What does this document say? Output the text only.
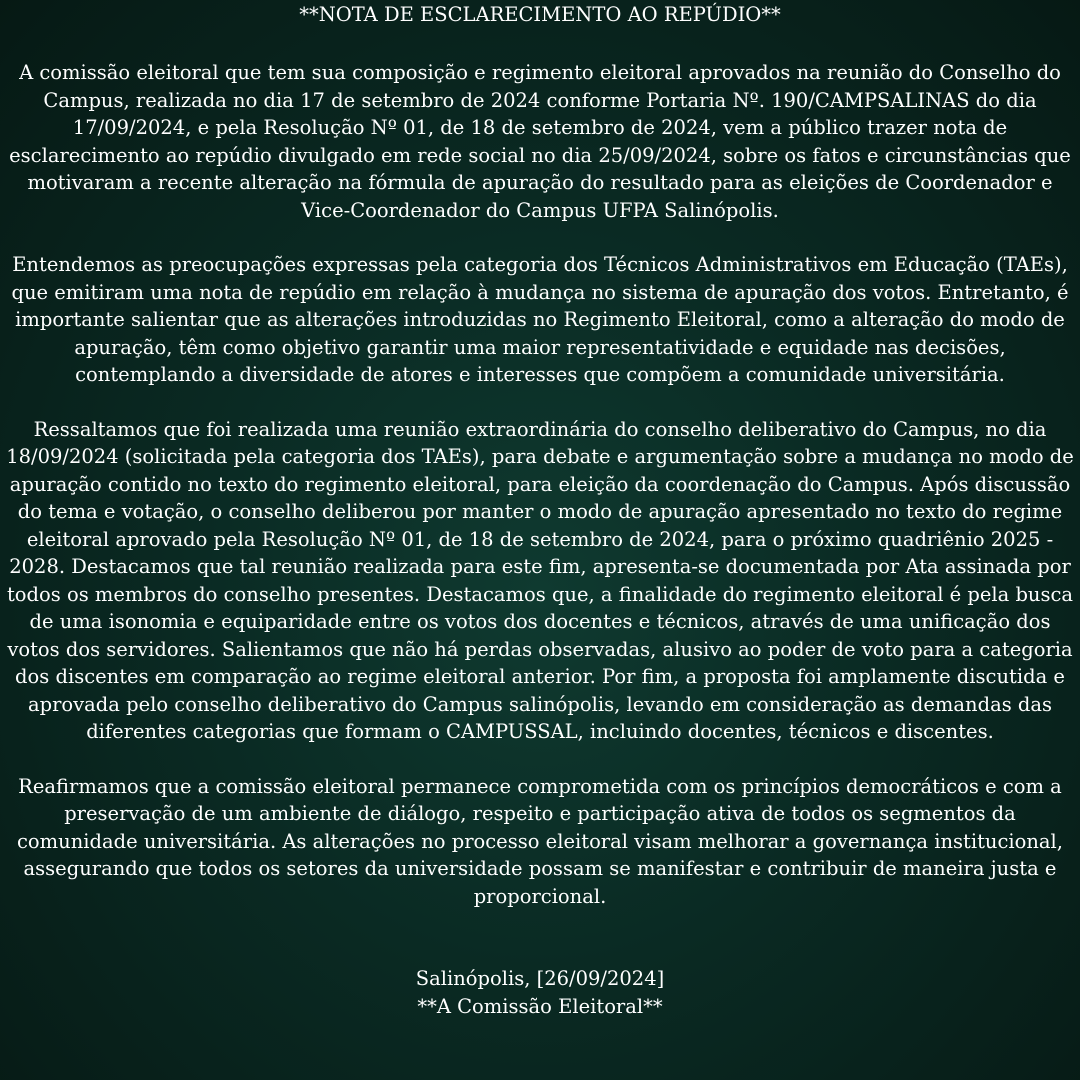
**NOTA DE ESCLARECIMENTO AO REPÚDIO**

A comissão eleitoral que tem sua composição e regimento eleitoral aprovados na reunião do Conselho do Campus, realizada no dia 17 de setembro de 2024 conforme Portaria Nº. 190/CAMPSALINAS do dia 17/09/2024, e pela Resolução Nº 01, de 18 de setembro de 2024, vem a público trazer nota de esclarecimento ao repúdio divulgado em rede social no dia 25/09/2024, sobre os fatos e circunstâncias que motivaram a recente alteração na fórmula de apuração do resultado para as eleições de Coordenador e Vice-Coordenador do Campus UFPA Salinópolis.

Entendemos as preocupações expressas pela categoria dos Técnicos Administrativos em Educação (TAEs), que emitiram uma nota de repúdio em relação à mudança no sistema de apuração dos votos. Entretanto, é importante salientar que as alterações introduzidas no Regimento Eleitoral, como a alteração do modo de apuração, têm como objetivo garantir uma maior representatividade e equidade nas decisões, contemplando a diversidade de atores e interesses que compõem a comunidade universitária.

Ressaltamos que foi realizada uma reunião extraordinária do conselho deliberativo do Campus, no dia 18/09/2024 (solicitada pela categoria dos TAEs), para debate e argumentação sobre a mudança no modo de apuração contido no texto do regimento eleitoral, para eleição da coordenação do Campus. Após discussão do tema e votação, o conselho deliberou por manter o modo de apuração apresentado no texto do regime eleitoral aprovado pela Resolução Nº 01, de 18 de setembro de 2024, para o próximo quadriênio 2025 - 2028. Destacamos que tal reunião realizada para este fim, apresenta-se documentada por Ata assinada por todos os membros do conselho presentes. Destacamos que, a finalidade do regimento eleitoral é pela busca de uma isonomia e equiparidade entre os votos dos docentes e técnicos, através de uma unificação dos votos dos servidores. Salientamos que não há perdas observadas, alusivo ao poder de voto para a categoria dos discentes em comparação ao regime eleitoral anterior. Por fim, a proposta foi amplamente discutida e aprovada pelo conselho deliberativo do Campus salinópolis, levando em consideração as demandas das diferentes categorias que formam o CAMPUSSAL, incluindo docentes, técnicos e discentes.

Reafirmamos que a comissão eleitoral permanece comprometida com os princípios democráticos e com a preservação de um ambiente de diálogo, respeito e participação ativa de todos os segmentos da comunidade universitária. As alterações no processo eleitoral visam melhorar a governança institucional, assegurando que todos os setores da universidade possam se manifestar e contribuir de maneira justa e proporcional.

Salinópolis, [26/09/2024]
**A Comissão Eleitoral**
